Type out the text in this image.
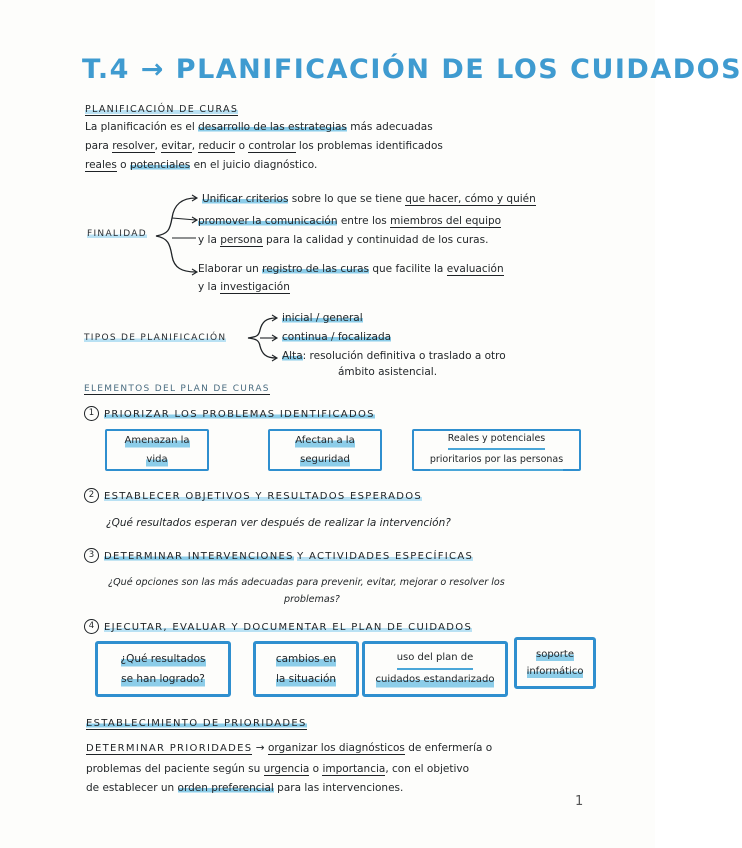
T.4 → PLANIFICACIÓN DE LOS CUIDADOS
PLANIFICACIÓN DE CURAS
La planificación es el desarrollo de las estrategias más adecuadas
para resolver, evitar, reducir o controlar los problemas identificados
reales o potenciales en el juicio diagnóstico.
FINALIDAD
Unificar criterios sobre lo que se tiene que hacer, cómo y quién
promover la comunicación entre los miembros del equipo
y la persona para la calidad y continuidad de los curas.
Elaborar un registro de las curas que facilite la evaluación
y la investigación
TIPOS DE PLANIFICACIÓN
inicial / general
continua / focalizada
Alta: resolución definitiva o traslado a otro
ámbito asistencial.
ELEMENTOS DEL PLAN DE CURAS
1 PRIORIZAR LOS PROBLEMAS IDENTIFICADOS
Amenazan la
vida
Afectan a la
seguridad
Reales y potenciales
prioritarios por las personas
2 ESTABLECER OBJETIVOS Y RESULTADOS ESPERADOS
¿Qué resultados esperan ver después de realizar la intervención?
3 DETERMINAR INTERVENCIONES Y ACTIVIDADES ESPECÍFICAS
¿Qué opciones son las más adecuadas para prevenir, evitar, mejorar o resolver los
problemas?
4 EJECUTAR, EVALUAR Y DOCUMENTAR EL PLAN DE CUIDADOS
¿Qué resultados
se han logrado?
cambios en
la situación
uso del plan de
cuidados estandarizado
soporte
informático
ESTABLECIMIENTO DE PRIORIDADES
DETERMINAR PRIORIDADES → organizar los diagnósticos de enfermería o
problemas del paciente según su urgencia o importancia, con el objetivo
de establecer un orden preferencial para las intervenciones.
1
